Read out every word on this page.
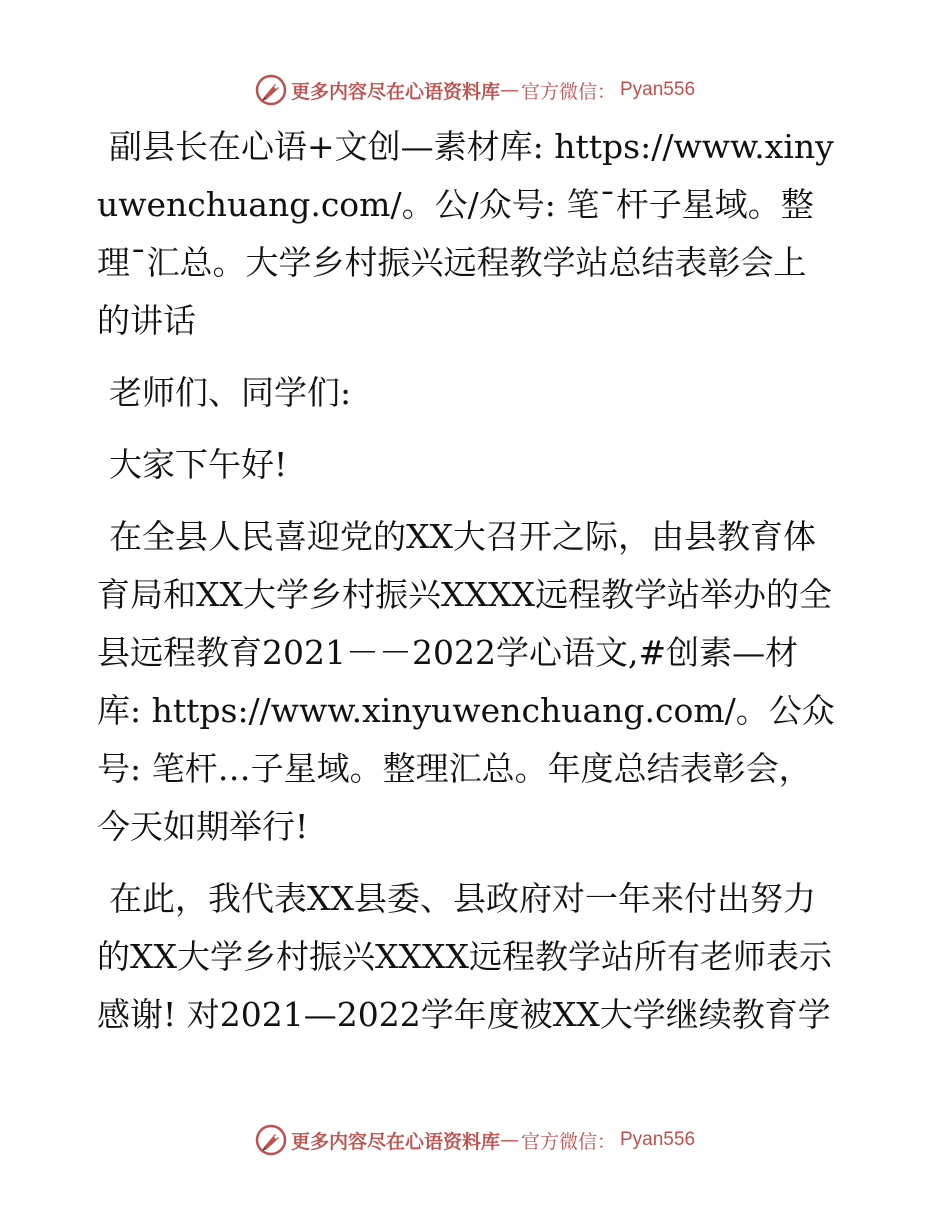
更多内容尽在心语资料库 — 官方微信： Pyan556

副县长在心语+文创—素材库: https://www.xinyuwenchuang.com/。公/众号: 笔¯杆子星域。整理¯汇总。大学乡村振兴远程教学站总结表彰会上的讲话

老师们、同学们:

大家下午好!

在全县人民喜迎党的XX大召开之际，由县教育体育局和XX大学乡村振兴XXXX远程教学站举办的全县远程教育2021－－2022学心语文,#创素—材库: https://www.xinyuwenchuang.com/。公众号: 笔杆…子星域。整理汇总。年度总结表彰会，今天如期举行!

在此，我代表XX县委、县政府对一年来付出努力的XX大学乡村振兴XXXX远程教学站所有老师表示感谢! 对2021—2022学年度被XX大学继续教育学

更多内容尽在心语资料库 — 官方微信： Pyan556
